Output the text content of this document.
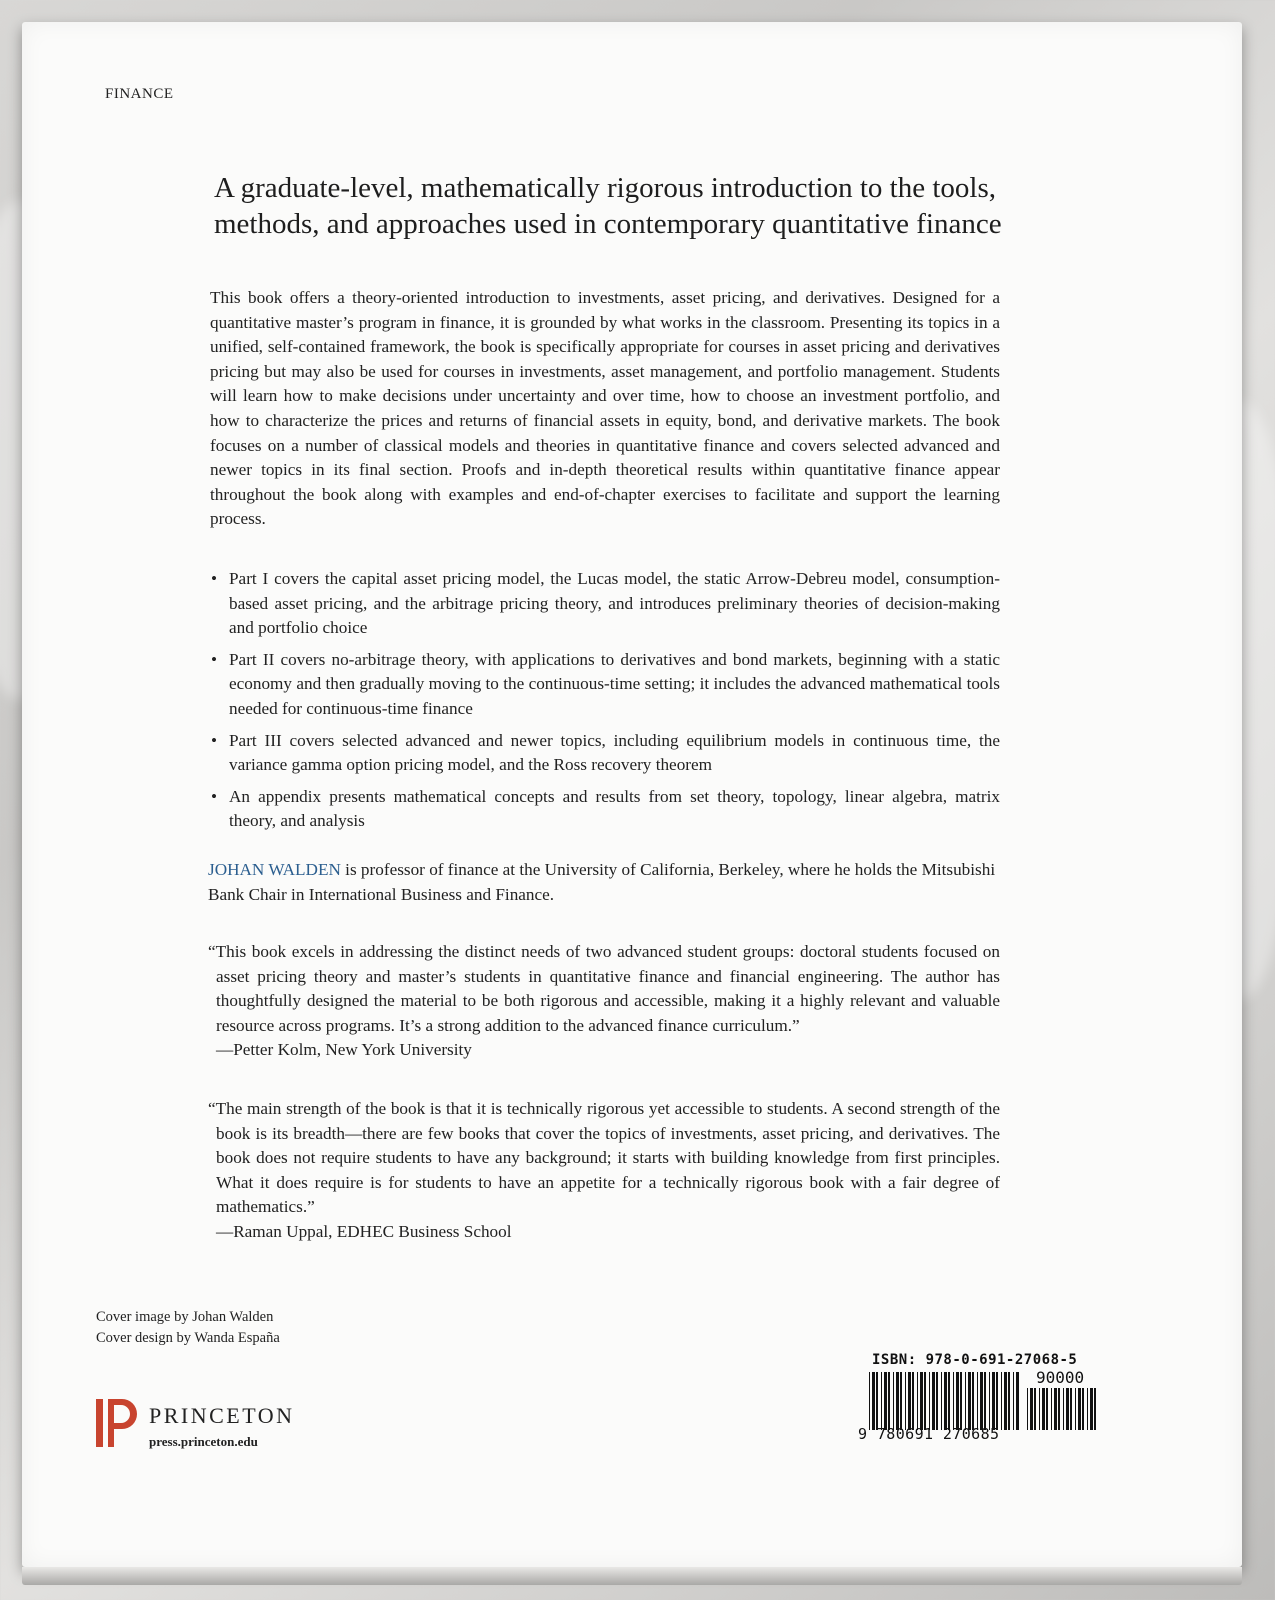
FINANCE
A graduate-level, mathematically rigorous introduction to the tools, methods, and approaches used in contemporary quantitative finance

This book offers a theory-oriented introduction to investments, asset pricing, and derivatives. Designed for a quantitative master’s program in finance, it is grounded by what works in the classroom. Presenting its topics in a unified, self-contained framework, the book is specifically appropriate for courses in asset pricing and derivatives pricing but may also be used for courses in investments, asset management, and portfolio management. Students will learn how to make decisions under uncertainty and over time, how to choose an investment portfolio, and how to characterize the prices and returns of financial assets in equity, bond, and derivative markets. The book focuses on a number of classical models and theories in quantitative finance and covers selected advanced and newer topics in its final section. Proofs and in-depth theoretical results within quantitative finance appear throughout the book along with examples and end-of-chapter exercises to facilitate and support the learning process.

• Part I covers the capital asset pricing model, the Lucas model, the static Arrow-Debreu model, consumption-based asset pricing, and the arbitrage pricing theory, and introduces preliminary theories of decision-making and portfolio choice
• Part II covers no-arbitrage theory, with applications to derivatives and bond markets, beginning with a static economy and then gradually moving to the continuous-time setting; it includes the advanced mathematical tools needed for continuous-time finance
• Part III covers selected advanced and newer topics, including equilibrium models in continuous time, the variance gamma option pricing model, and the Ross recovery theorem
• An appendix presents mathematical concepts and results from set theory, topology, linear algebra, matrix theory, and analysis

JOHAN WALDEN is professor of finance at the University of California, Berkeley, where he holds the Mitsubishi Bank Chair in International Business and Finance.

“This book excels in addressing the distinct needs of two advanced student groups: doctoral students focused on asset pricing theory and master’s students in quantitative finance and financial engineering. The author has thoughtfully designed the material to be both rigorous and accessible, making it a highly relevant and valuable resource across programs. It’s a strong addition to the advanced finance curriculum.”

—Petter Kolm, New York University

“The main strength of the book is that it is technically rigorous yet accessible to students. A second strength of the book is its breadth—there are few books that cover the topics of investments, asset pricing, and derivatives. The book does not require students to have any background; it starts with building knowledge from first principles. What it does require is for students to have an appetite for a technically rigorous book with a fair degree of mathematics.”

—Raman Uppal, EDHEC Business School
Cover image by Johan Walden
Cover design by Wanda España
PRINCETON
press.princeton.edu
ISBN: 978-0-691-27068-5
90000
9 780691 270685
